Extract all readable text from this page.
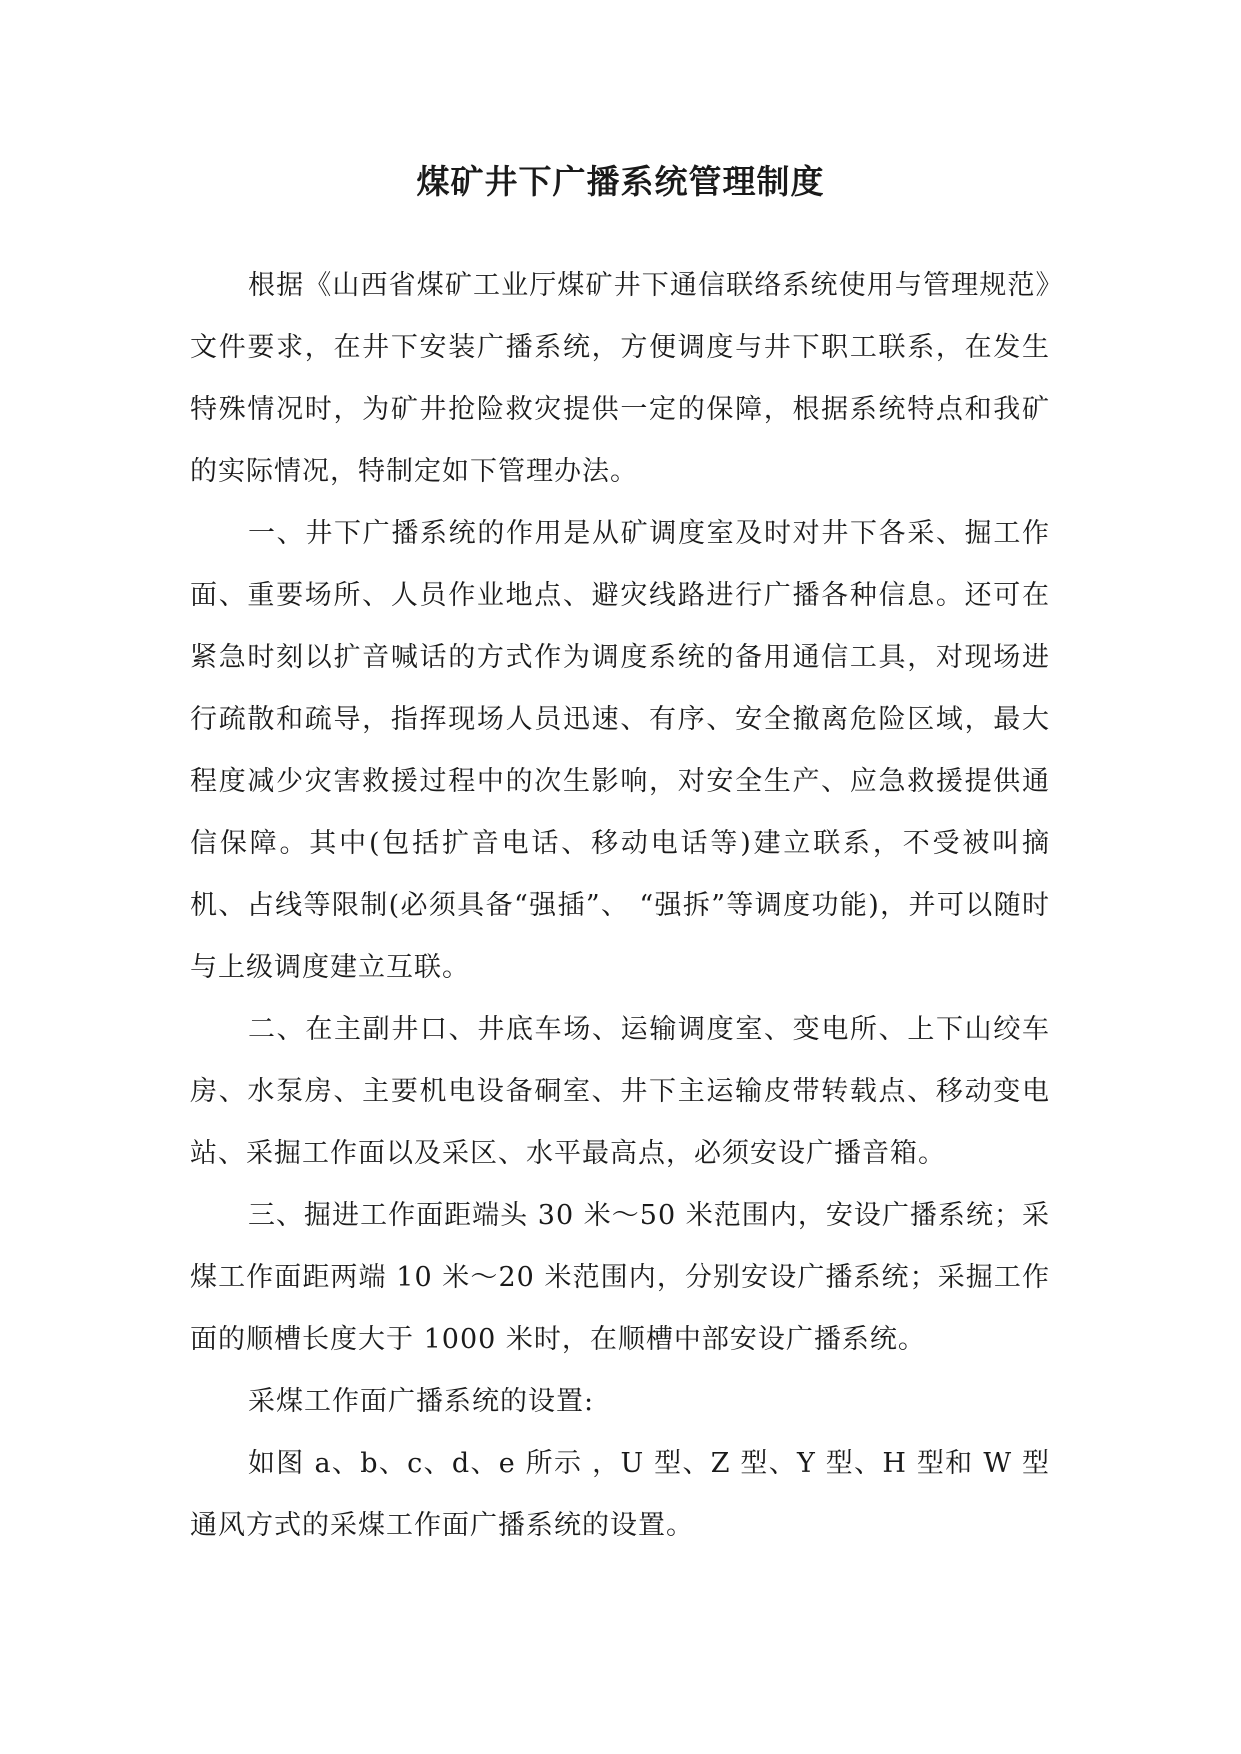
煤矿井下广播系统管理制度

根据《山西省煤矿工业厅煤矿井下通信联络系统使用与管理规范》文件要求，在井下安装广播系统，方便调度与井下职工联系，在发生特殊情况时，为矿井抢险救灾提供一定的保障，根据系统特点和我矿的实际情况，特制定如下管理办法。

一、井下广播系统的作用是从矿调度室及时对井下各采、掘工作面、重要场所、人员作业地点、避灾线路进行广播各种信息。还可在紧急时刻以扩音喊话的方式作为调度系统的备用通信工具，对现场进行疏散和疏导，指挥现场人员迅速、有序、安全撤离危险区域，最大程度减少灾害救援过程中的次生影响，对安全生产、应急救援提供通信保障。其中(包括扩音电话、移动电话等)建立联系，不受被叫摘机、占线等限制(必须具备“强插”、 “强拆”等调度功能)，并可以随时与上级调度建立互联。

二、在主副井口、井底车场、运输调度室、变电所、上下山绞车房、水泵房、主要机电设备硐室、井下主运输皮带转载点、移动变电站、采掘工作面以及采区、水平最高点，必须安设广播音箱。

三、掘进工作面距端头 30 米～50 米范围内，安设广播系统；采煤工作面距两端 10 米～20 米范围内，分别安设广播系统；采掘工作面的顺槽长度大于 1000 米时，在顺槽中部安设广播系统。

采煤工作面广播系统的设置:

如图 a、b、c、d、e 所示 ，U 型、Z 型、Y 型、H 型和 W 型通风方式的采煤工作面广播系统的设置。
